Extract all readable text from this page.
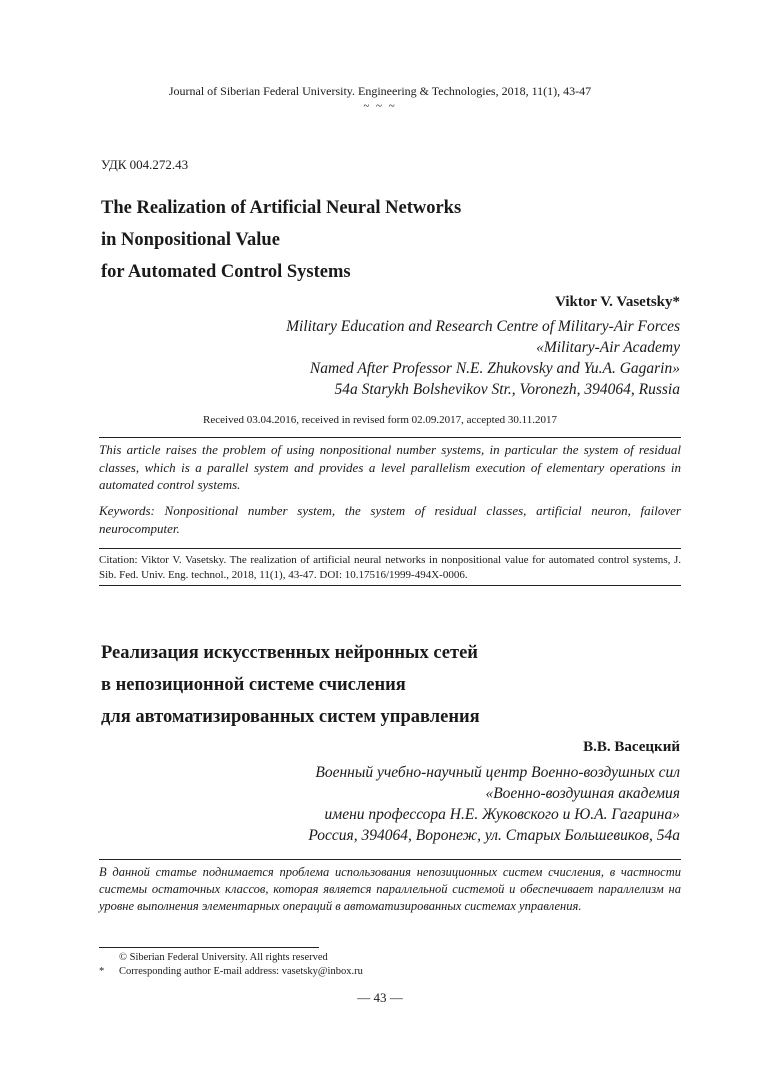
Journal of Siberian Federal University. Engineering & Technologies, 2018, 11(1), 43-47
~ ~ ~
УДК 004.272.43
The Realization of Artificial Neural Networks
in Nonpositional Value
for Automated Control Systems
Viktor V. Vasetsky*
Military Education and Research Centre of Military-Air Forces
«Military-Air Academy
Named After Professor N.E. Zhukovsky and Yu.A. Gagarin»
54a Starykh Bolshevikov Str., Voronezh, 394064, Russia
Received 03.04.2016, received in revised form 02.09.2017, accepted 30.11.2017
This article raises the problem of using nonpositional number systems, in particular the system of residual classes, which is a parallel system and provides a level parallelism execution of elementary operations in automated control systems.
Keywords: Nonpositional number system, the system of residual classes, artificial neuron, failover neurocomputer.
Citation: Viktor V. Vasetsky. The realization of artificial neural networks in nonpositional value for automated control systems, J. Sib. Fed. Univ. Eng. technol., 2018, 11(1), 43-47. DOI: 10.17516/1999-494X-0006.
Реализация искусственных нейронных сетей
в непозиционной системе счисления
для автоматизированных систем управления
В.В. Васецкий
Военный учебно-научный центр Военно-воздушных сил
«Военно-воздушная академия
имени профессора Н.Е. Жуковского и Ю.А. Гагарина»
Россия, 394064, Воронеж, ул. Старых Большевиков, 54а
В данной статье поднимается проблема использования непозиционных систем счисления, в частности системы остаточных классов, которая является параллельной системой и обеспечивает параллелизм на уровне выполнения элементарных операций в автоматизированных системах управления.
© Siberian Federal University. All rights reserved
* Corresponding author E-mail address: vasetsky@inbox.ru
— 43 —
